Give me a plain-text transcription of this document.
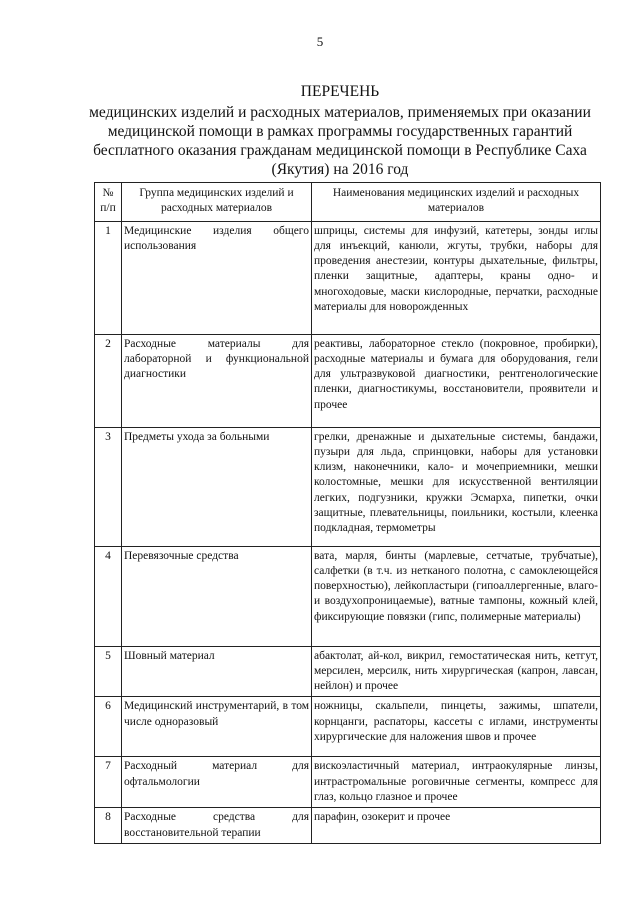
5
ПЕРЕЧЕНЬ
медицинских изделий и расходных материалов, применяемых при оказании
медицинской помощи в рамках программы государственных гарантий
бесплатного оказания гражданам медицинской помощи в Республике Саха
(Якутия) на 2016 год
№ п/п	Группа медицинских изделий и расходных материалов	Наименования медицинских изделий и расходных материалов
1	Медицинские изделия общего использования	шприцы, системы для инфузий, катетеры, зонды иглы для инъекций, канюли, жгуты, трубки, наборы для проведения анестезии, контуры дыхательные, фильтры, пленки защитные, адаптеры, краны одно- и многоходовые, маски кислородные, перчатки, расходные материалы для новорожденных
2	Расходные материалы для лабораторной и функциональной диагностики	реактивы, лабораторное стекло (покровное, пробирки), расходные материалы и бумага для оборудования, гели для ультразвуковой диагностики, рентгенологические пленки, диагностикумы, восстановители, проявители и прочее
3	Предметы ухода за больными	грелки, дренажные и дыхательные системы, бандажи, пузыри для льда, спринцовки, наборы для установки клизм, наконечники, кало- и мочеприемники, мешки колостомные, мешки для искусственной вентиляции легких, подгузники, кружки Эсмарха, пипетки, очки защитные, плевательницы, поильники, костыли, клеенка подкладная, термометры
4	Перевязочные средства	вата, марля, бинты (марлевые, сетчатые, трубчатые), салфетки (в т.ч. из нетканого полотна, с самоклеющейся поверхностью), лейкопластыри (гипоаллергенные, влаго- и воздухопроницаемые), ватные тампоны, кожный клей, фиксирующие повязки (гипс, полимерные материалы)
5	Шовный материал	абактолат, ай-кол, викрил, гемостатическая нить, кетгут, мерсилен, мерсилк, нить хирургическая (капрон, лавсан, нейлон) и прочее
6	Медицинский инструментарий, в том числе одноразовый	ножницы, скальпели, пинцеты, зажимы, шпатели, корнцанги, распаторы, кассеты с иглами, инструменты хирургические для наложения швов и прочее
7	Расходный материал для офтальмологии	вискоэластичный материал, интраокулярные линзы, интрастромальные роговичные сегменты, компресс для глаз, кольцо глазное и прочее
8	Расходные средства для восстановительной терапии	парафин, озокерит и прочее
